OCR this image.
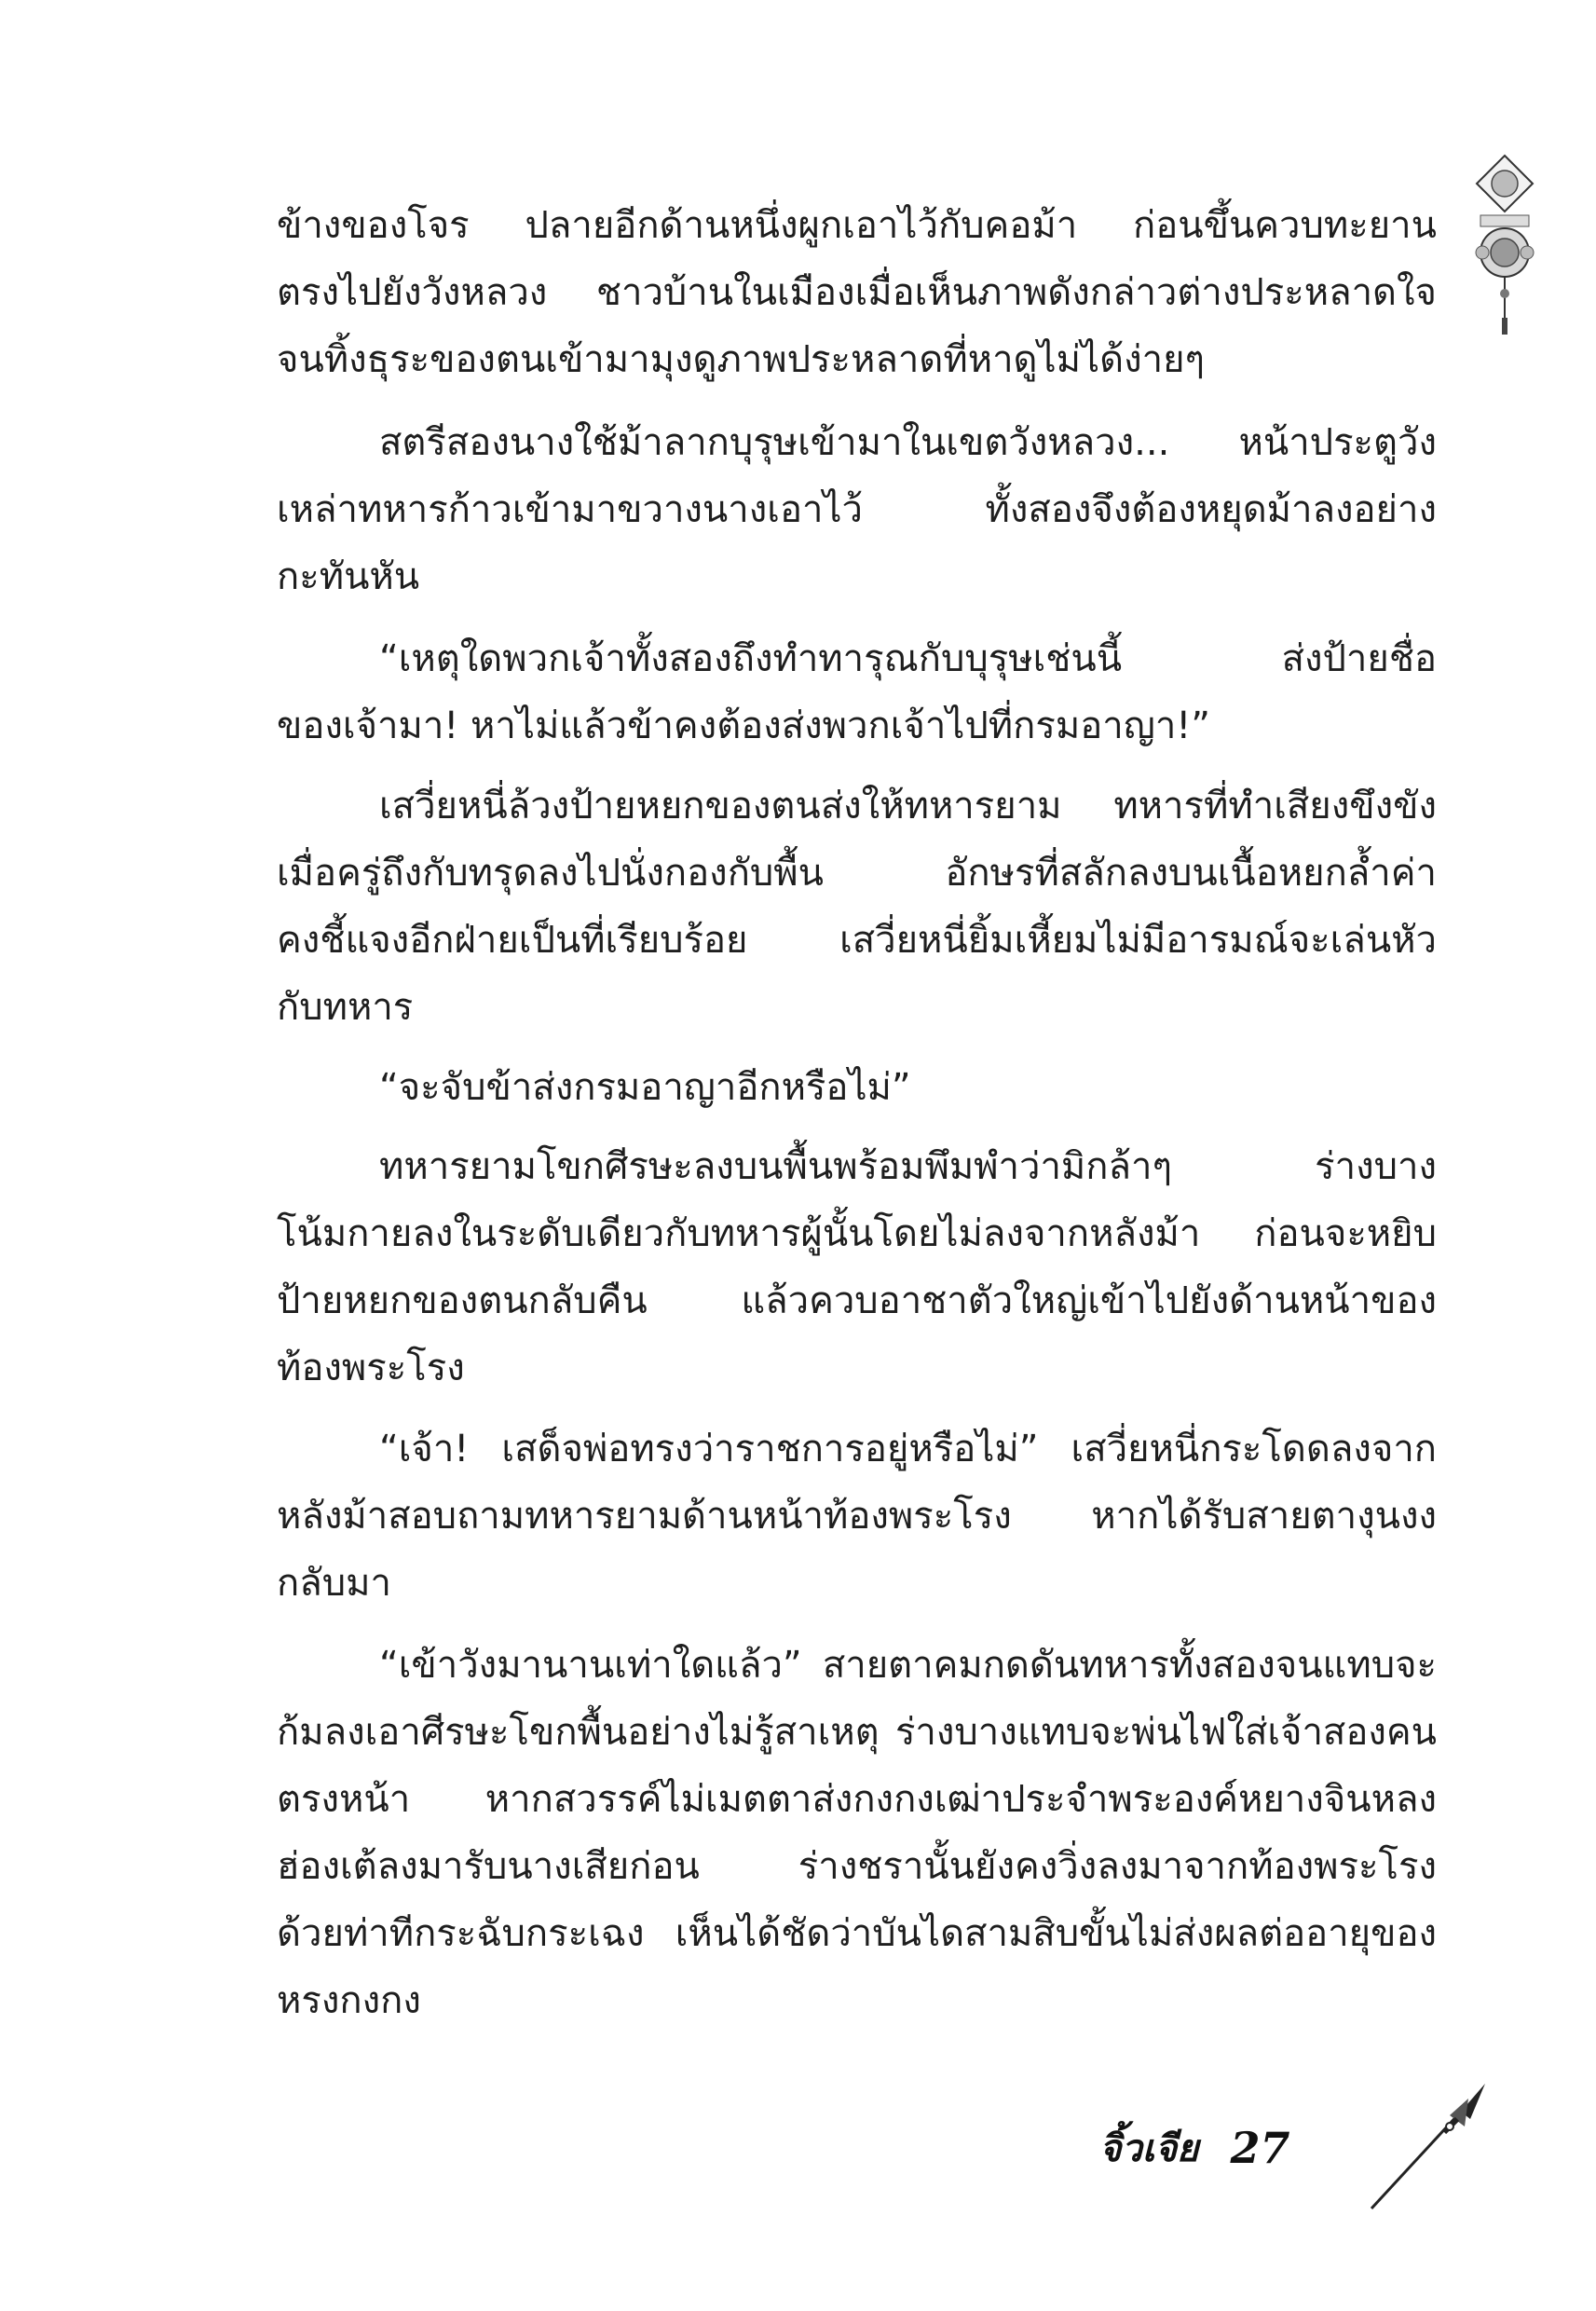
ข้างของโจร ปลายอีกด้านหนึ่งผูกเอาไว้กับคอม้า ก่อนขึ้นควบทะยาน
ตรงไปยังวังหลวง ชาวบ้านในเมืองเมื่อเห็นภาพดังกล่าวต่างประหลาดใจ
จนทิ้งธุระของตนเข้ามามุงดูภาพประหลาดที่หาดูไม่ได้ง่ายๆ
สตรีสองนางใช้ม้าลากบุรุษเข้ามาในเขตวังหลวง... หน้าประตูวัง
เหล่าทหารก้าวเข้ามาขวางนางเอาไว้ ทั้งสองจึงต้องหยุดม้าลงอย่าง
กะทันหัน
“เหตุใดพวกเจ้าทั้งสองถึงทำทารุณกับบุรุษเช่นนี้ ส่งป้ายชื่อ
ของเจ้ามา! หาไม่แล้วข้าคงต้องส่งพวกเจ้าไปที่กรมอาญา!”
เสวี่ยหนี่ล้วงป้ายหยกของตนส่งให้ทหารยาม ทหารที่ทำเสียงขึงขัง
เมื่อครู่ถึงกับทรุดลงไปนั่งกองกับพื้น อักษรที่สลักลงบนเนื้อหยกล้ำค่า
คงชี้แจงอีกฝ่ายเป็นที่เรียบร้อย เสวี่ยหนี่ยิ้มเหี้ยมไม่มีอารมณ์จะเล่นหัว
กับทหาร
“จะจับข้าส่งกรมอาญาอีกหรือไม่”
ทหารยามโขกศีรษะลงบนพื้นพร้อมพึมพำว่ามิกล้าๆ ร่างบาง
โน้มกายลงในระดับเดียวกับทหารผู้นั้นโดยไม่ลงจากหลังม้า ก่อนจะหยิบ
ป้ายหยกของตนกลับคืน แล้วควบอาชาตัวใหญ่เข้าไปยังด้านหน้าของ
ท้องพระโรง
“เจ้า! เสด็จพ่อทรงว่าราชการอยู่หรือไม่” เสวี่ยหนี่กระโดดลงจาก
หลังม้าสอบถามทหารยามด้านหน้าท้องพระโรง หากได้รับสายตางุนงง
กลับมา
“เข้าวังมานานเท่าใดแล้ว” สายตาคมกดดันทหารทั้งสองจนแทบจะ
ก้มลงเอาศีรษะโขกพื้นอย่างไม่รู้สาเหตุ ร่างบางแทบจะพ่นไฟใส่เจ้าสองคน
ตรงหน้า หากสวรรค์ไม่เมตตาส่งกงกงเฒ่าประจำพระองค์หยางจินหลง
ฮ่องเต้ลงมารับนางเสียก่อน ร่างชรานั้นยังคงวิ่งลงมาจากท้องพระโรง
ด้วยท่าทีกระฉับกระเฉง เห็นได้ชัดว่าบันไดสามสิบขั้นไม่ส่งผลต่ออายุของ
หรงกงกง
จิ้วเจีย 27
